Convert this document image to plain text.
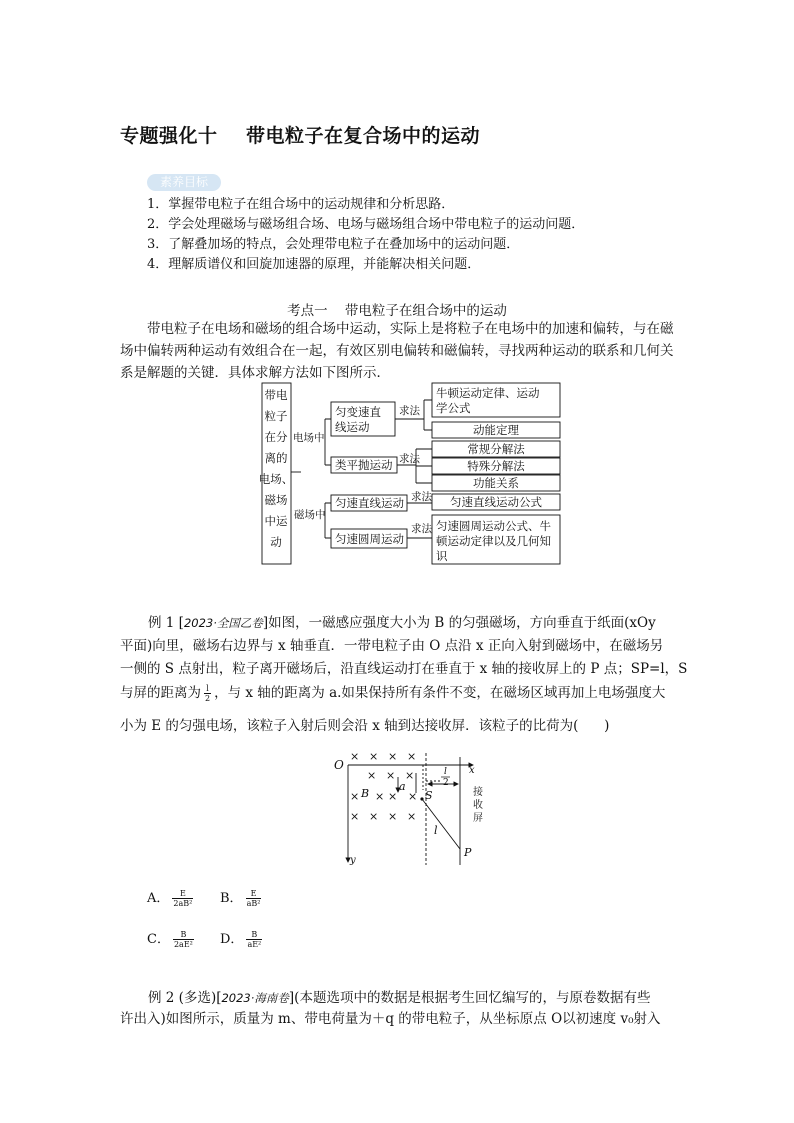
专题强化十    带电粒子在复合场中的运动
素养目标
1．掌握带电粒子在组合场中的运动规律和分析思路．
2．学会处理磁场与磁场组合场、电场与磁场组合场中带电粒子的运动问题．
3．了解叠加场的特点，会处理带电粒子在叠加场中的运动问题．
4．理解质谱仪和回旋加速器的原理，并能解决相关问题．
考点一    带电粒子在组合场中的运动

带电粒子在电场和磁场的组合场中运动，实际上是将粒子在电场中的加速和偏转，与在磁场中偏转两种运动有效组合在一起，有效区别电偏转和磁偏转，寻找两种运动的联系和几何关系是解题的关键．具体求解方法如下图所示．

带电
粒子
在分
离的
电场、
磁场
中运
动
电场中
磁场中
匀变速直
线运动
类平抛运动
匀速直线运动
匀速圆周运动
求法
求法
求法
求法
牛顿运动定律、运动
学公式
动能定理
常规分解法
特殊分解法
功能关系
匀速直线运动公式
匀速圆周运动公式、牛
顿运动定律以及几何知
识
例 1 [2023·全国乙卷]如图，一磁感应强度大小为 B 的匀强磁场，方向垂直于纸面(xOy
平面)向里，磁场右边界与 x 轴垂直．一带电粒子由 O 点沿 x 正向入射到磁场中，在磁场另
一侧的 S 点射出，粒子离开磁场后，沿直线运动打在垂直于 x 轴的接收屏上的 P 点；SP=l，S
与屏的距离为 $\frac{l}{2}$ ，与 x 轴的距离为 a.如果保持所有条件不变，在磁场区域再加上电场强度大
小为 E 的匀强电场，该粒子入射后则会沿 x 轴到达接收屏．该粒子的比荷为(      )
O	x
y
B
a
S
P
l
l
2
接
收
屏
× × × ×
× × ×
× × × ×
× × × ×
A． $\frac{E}{\text{2aB²}}$ B． $\frac{E}{\text{aB²}}$
C． $\frac{B}{\text{2aE²}}$ D． $\frac{B}{\text{aE²}}$
例 2 (多选)[2023·海南卷](本题选项中的数据是根据考生回忆编写的，与原卷数据有些
许出入)如图所示，质量为 m、带电荷量为＋q 的带电粒子，从坐标原点 O以初速度 v₀射入
